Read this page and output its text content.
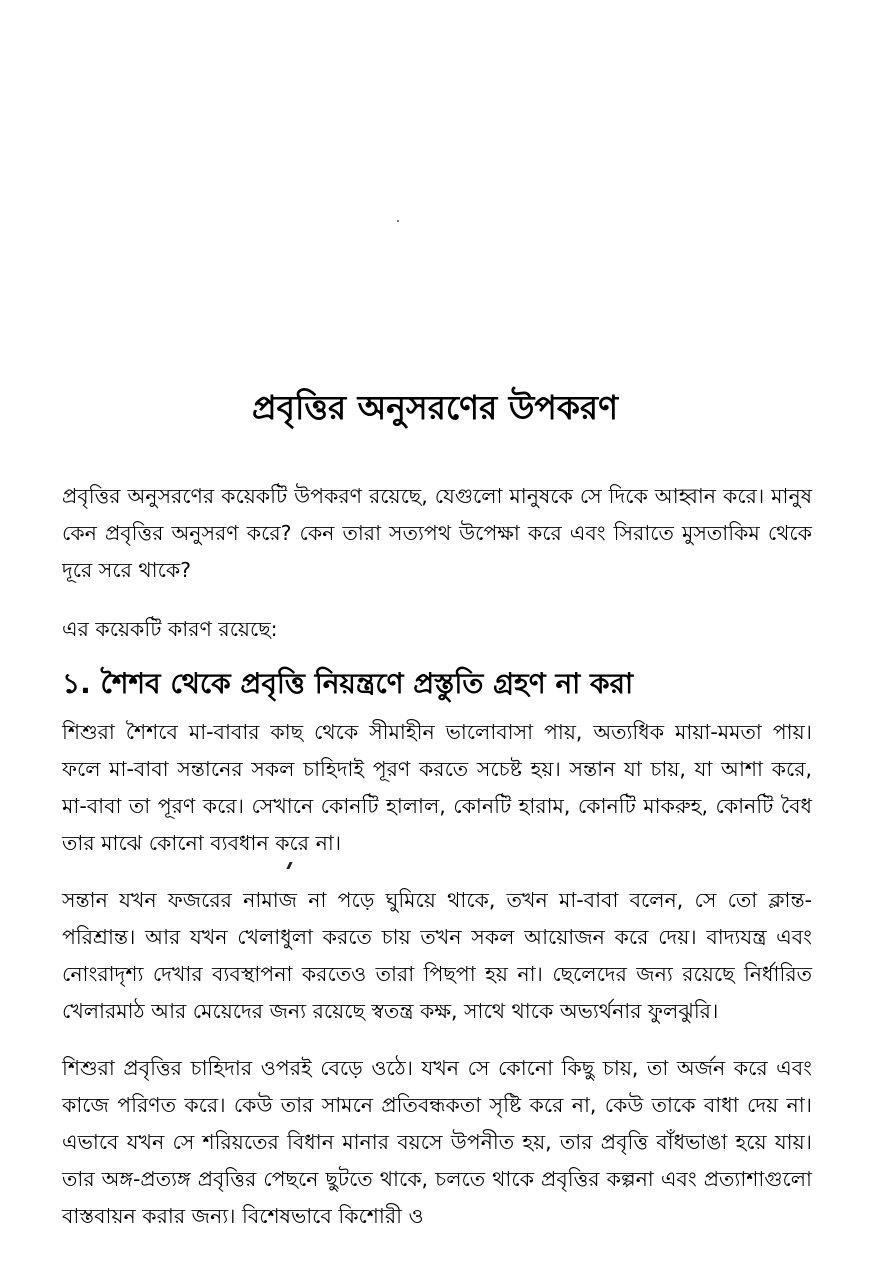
প্রবৃত্তির অনুসরণের উপকরণ

প্রবৃত্তির অনুসরণের কয়েকটি উপকরণ রয়েছে, যেগুলো মানুষকে সে দিকে আহ্বান করে। মানুষ কেন প্রবৃত্তির অনুসরণ করে? কেন তারা সত্যপথ উপেক্ষা করে এবং সিরাতে মুসতাকিম থেকে দূরে সরে থাকে?

এর কয়েকটি কারণ রয়েছে:

১. শৈশব থেকে প্রবৃত্তি নিয়ন্ত্রণে প্রস্তুতি গ্রহণ না করা

শিশুরা শৈশবে মা-বাবার কাছ থেকে সীমাহীন ভালোবাসা পায়, অত্যধিক মায়া-মমতা পায়। ফলে মা-বাবা সন্তানের সকল চাহিদাই পূরণ করতে সচেষ্ট হয়। সন্তান যা চায়, যা আশা করে, মা-বাবা তা পূরণ করে। সেখানে কোনটি হালাল, কোনটি হারাম, কোনটি মাকরুহ, কোনটি বৈধ তার মাঝে কোনো ব্যবধান করে না।

সন্তান যখন ফজরের নামাজ না পড়ে ঘুমিয়ে থাকে, তখন মা-বাবা বলেন, সে তো ক্লান্ত-পরিশ্রান্ত। আর যখন খেলাধুলা করতে চায় তখন সকল আয়োজন করে দেয়। বাদ্যযন্ত্র এবং নোংরাদৃশ্য দেখার ব্যবস্থাপনা করতেও তারা পিছপা হয় না। ছেলেদের জন্য রয়েছে নির্ধারিত খেলারমাঠ আর মেয়েদের জন্য রয়েছে স্বতন্ত্র কক্ষ, সাথে থাকে অভ্যর্থনার ফুলঝুরি।

শিশুরা প্রবৃত্তির চাহিদার ওপরই বেড়ে ওঠে। যখন সে কোনো কিছু চায়, তা অর্জন করে এবং কাজে পরিণত করে। কেউ তার সামনে প্রতিবন্ধকতা সৃষ্টি করে না, কেউ তাকে বাধা দেয় না। এভাবে যখন সে শরিয়তের বিধান মানার বয়সে উপনীত হয়, তার প্রবৃত্তি বাঁধভাঙা হয়ে যায়। তার অঙ্গ-প্রত্যঙ্গ প্রবৃত্তির পেছনে ছুটতে থাকে, চলতে থাকে প্রবৃত্তির কল্পনা এবং প্রত্যাশাগুলো বাস্তবায়ন করার জন্য। বিশেষভাবে কিশোরী ও
